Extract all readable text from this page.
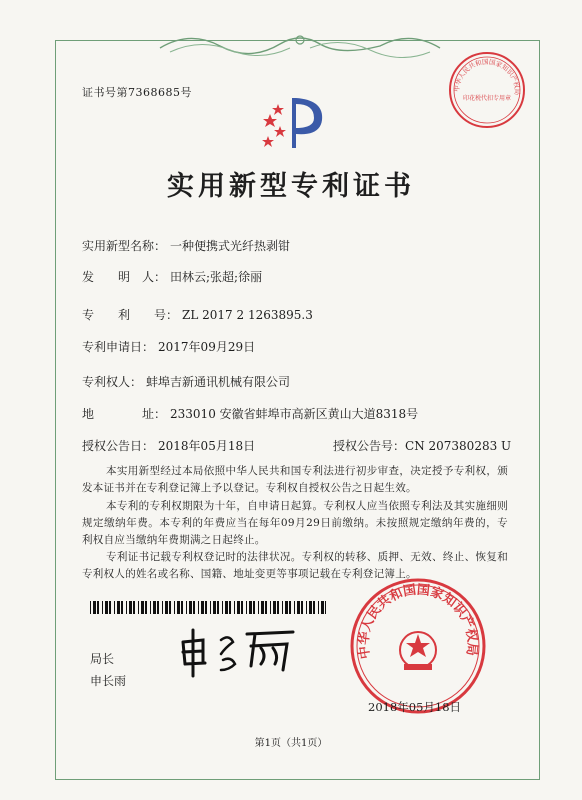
证书号第7368685号
实用新型专利证书
实用新型名称： 一种便携式光纤热剥钳
发　　明　人： 田林云;张超;徐丽
专　　利　　号： ZL 2017 2 1263895.3
专利申请日： 2017年09月29日
专利权人： 蚌埠吉新通讯机械有限公司
地　　　　址： 233010 安徽省蚌埠市高新区黄山大道8318号
授权公告日： 2018年05月18日	授权公告号：CN 207380283 U
本实用新型经过本局依照中华人民共和国专利法进行初步审查，决定授予专利权，颁发本证书并在专利登记簿上予以登记。专利权自授权公告之日起生效。
本专利的专利权期限为十年，自申请日起算。专利权人应当依照专利法及其实施细则规定缴纳年费。本专利的年费应当在每年09月29日前缴纳。未按照规定缴纳年费的，专利权自应当缴纳年费期满之日起终止。
专利证书记载专利权登记时的法律状况。专利权的转移、质押、无效、终止、恢复和专利权人的姓名或名称、国籍、地址变更等事项记载在专利登记簿上。
局长
申长雨
中华人民共和国国家知识产权局
印花税代扣专用章
中华人民共和国国家知识产权局
2018年05月18日
第1页（共1页）
